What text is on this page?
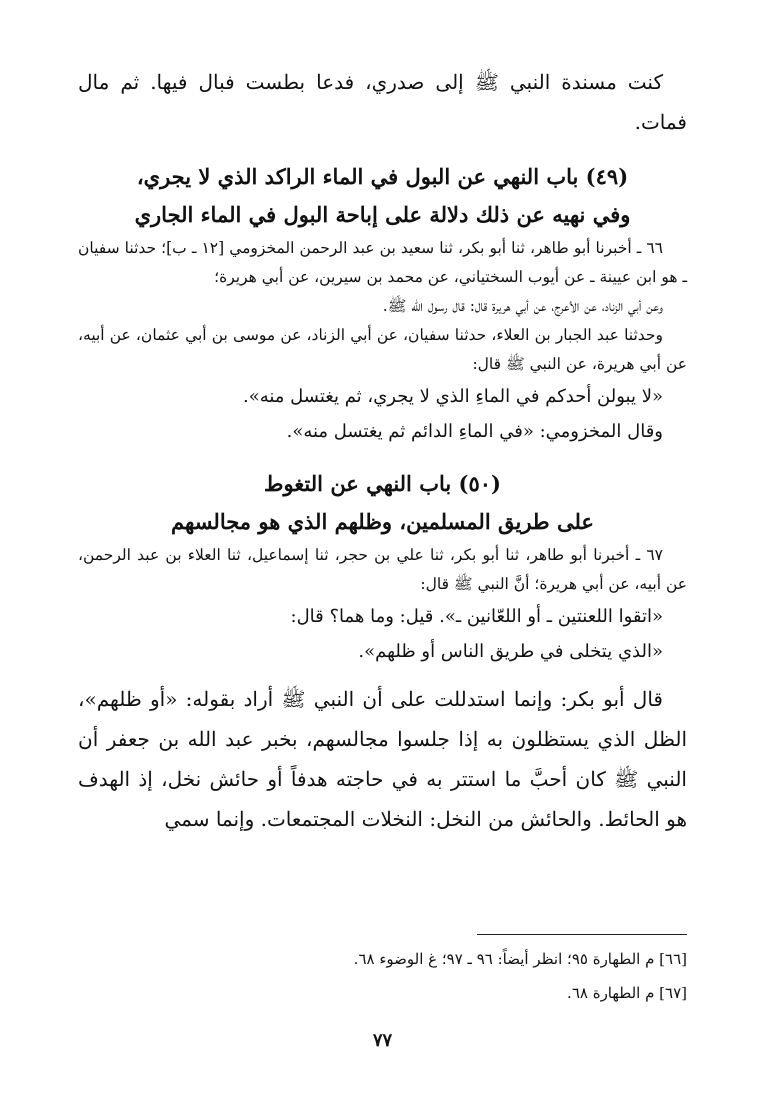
كنت مسندة النبي ﷺ إلى صدري، فدعا بطست فبال فيها. ثم مال فمات.

(٤٩) باب النهي عن البول في الماء الراكد الذي لا يجري،

وفي نهيه عن ذلك دلالة على إباحة البول في الماء الجاري

٦٦ ـ أخبرنا أبو طاهر، ثنا أبو بكر، ثنا سعيد بن عبد الرحمن المخزومي [١٢ ـ ب]؛ حدثنا سفيان ـ هو ابن عيينة ـ عن أيوب السختياني، عن محمد بن سيرين، عن أبي هريرة؛

وعن أبي الزناد، عن الأعرج، عن أبي هريرة قال: قال رسول الله ﷺ.

وحدثنا عبد الجبار بن العلاء، حدثنا سفيان، عن أبي الزناد، عن موسى بن أبي عثمان، عن أبيه، عن أبي هريرة، عن النبي ﷺ قال:

«لا يبولن أحدكم في الماءِ الذي لا يجري، ثم يغتسل منه».

وقال المخزومي: «في الماءِ الدائم ثم يغتسل منه».

(٥٠) باب النهي عن التغوط

على طريق المسلمين، وظلهم الذي هو مجالسهم

٦٧ ـ أخبرنا أبو طاهر، ثنا أبو بكر، ثنا علي بن حجر، ثنا إسماعيل، ثنا العلاء بن عبد الرحمن، عن أبيه، عن أبي هريرة؛ أنَّ النبي ﷺ قال:

«اتقوا اللعنتين ـ أو اللعّانين ـ». قيل: وما هما؟ قال:

«الذي يتخلى في طريق الناس أو ظلهم».

قال أبو بكر: وإنما استدللت على أن النبي ﷺ أراد بقوله: «أو ظلهم»، الظل الذي يستظلون به إذا جلسوا مجالسهم، بخبر عبد الله بن جعفر أن النبي ﷺ كان أحبَّ ما استتر به في حاجته هدفاً أو حائش نخل، إذ الهدف هو الحائط. والحائش من النخل: النخلات المجتمعات. وإنما سمي

[٦٦] م الطهارة ٩٥؛ انظر أيضاً: ٩٦ ـ ٩٧؛ غ الوضوء ٦٨.

[٦٧] م الطهارة ٦٨.

٧٧
